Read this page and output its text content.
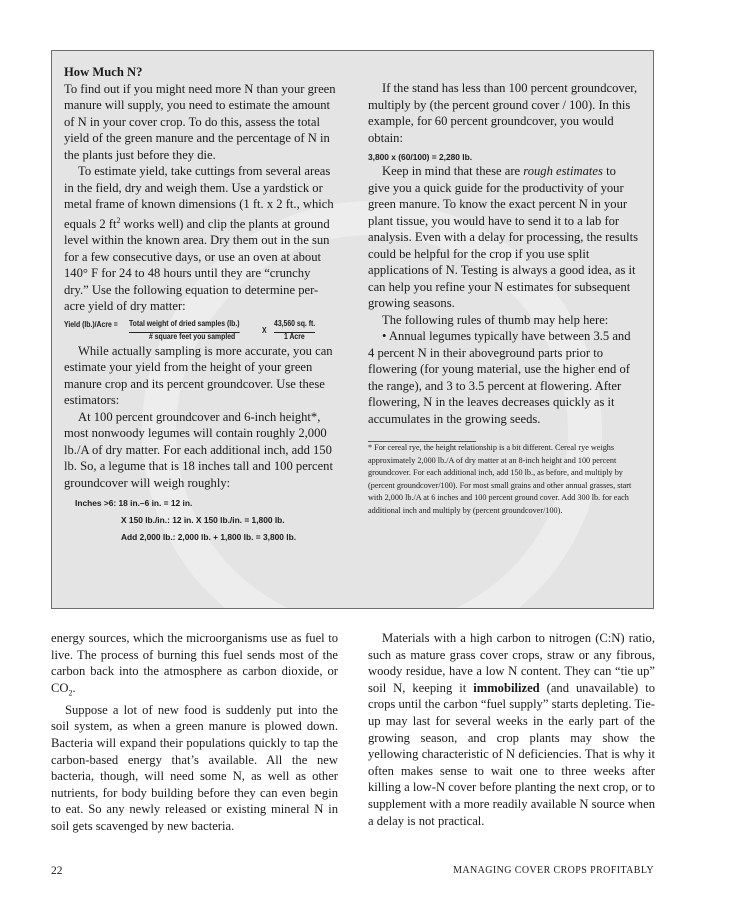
How Much N?

To find out if you might need more N than your green manure will supply, you need to estimate the amount of N in your cover crop. To do this, assess the total yield of the green manure and the percentage of N in the plants just before they die.

To estimate yield, take cuttings from several areas in the field, dry and weigh them. Use a yardstick or metal frame of known dimensions (1 ft. x 2 ft., which equals 2 $ft^2$ works well) and clip the plants at ground level within the known area. Dry them out in the sun for a few consecutive days, or use an oven at about 140° F for 24 to 48 hours until they are “crunchy dry.” Use the following equation to determine per-acre yield of dry matter:

Yield (lb.)/Acre = Total weight of dried samples (lb.)
# square feet you sampled
X
43,560 sq. ft.
1 Acre

While actually sampling is more accurate, you can estimate your yield from the height of your green manure crop and its percent groundcover. Use these estimators:

At 100 percent groundcover and 6-inch height*, most nonwoody legumes will contain roughly 2,000 lb./A of dry matter. For each additional inch, add 150 lb. So, a legume that is 18 inches tall and 100 percent groundcover will weigh roughly:

Inches >6: 18 in.–6 in. = 12 in.
X 150 lb./in.: 12 in. X 150 lb./in. = 1,800 lb.
Add 2,000 lb.: 2,000 lb. + 1,800 lb. = 3,800 lb.

If the stand has less than 100 percent groundcover, multiply by (the percent ground cover / 100). In this example, for 60 percent groundcover, you would obtain:

3,800 x (60/100) = 2,280 lb.

Keep in mind that these are rough estimates to give you a quick guide for the productivity of your green manure. To know the exact percent N in your plant tissue, you would have to send it to a lab for analysis. Even with a delay for processing, the results could be helpful for the crop if you use split applications of N. Testing is always a good idea, as it can help you refine your N estimates for subsequent growing seasons.

The following rules of thumb may help here:

• Annual legumes typically have between 3.5 and 4 percent N in their aboveground parts prior to flowering (for young material, use the higher end of the range), and 3 to 3.5 percent at flowering. After flowering, N in the leaves decreases quickly as it accumulates in the growing seeds.

* For cereal rye, the height relationship is a bit different. Cereal rye weighs approximately 2,000 lb./A of dry matter at an 8-inch height and 100 percent groundcover. For each additional inch, add 150 lb., as before, and multiply by (percent groundcover/100). For most small grains and other annual grasses, start with 2,000 lb./A at 6 inches and 100 percent ground cover. Add 300 lb. for each additional inch and multiply by (percent groundcover/100).

energy sources, which the microorganisms use as fuel to live. The process of burning this fuel sends most of the carbon back into the atmosphere as carbon dioxide, or $CO_2$.

Suppose a lot of new food is suddenly put into the soil system, as when a green manure is plowed down. Bacteria will expand their populations quickly to tap the carbon-based energy that’s available. All the new bacteria, though, will need some N, as well as other nutrients, for body building before they can even begin to eat. So any newly released or existing mineral N in soil gets scavenged by new bacteria.

Materials with a high carbon to nitrogen (C:N) ratio, such as mature grass cover crops, straw or any fibrous, woody residue, have a low N content. They can “tie up” soil N, keeping it immobilized (and unavailable) to crops until the carbon “fuel supply” starts depleting. Tie-up may last for several weeks in the early part of the growing season, and crop plants may show the yellowing characteristic of N deficiencies. That is why it often makes sense to wait one to three weeks after killing a low-N cover before planting the next crop, or to supplement with a more readily available N source when a delay is not practical.

22	MANAGING COVER CROPS PROFITABLY
